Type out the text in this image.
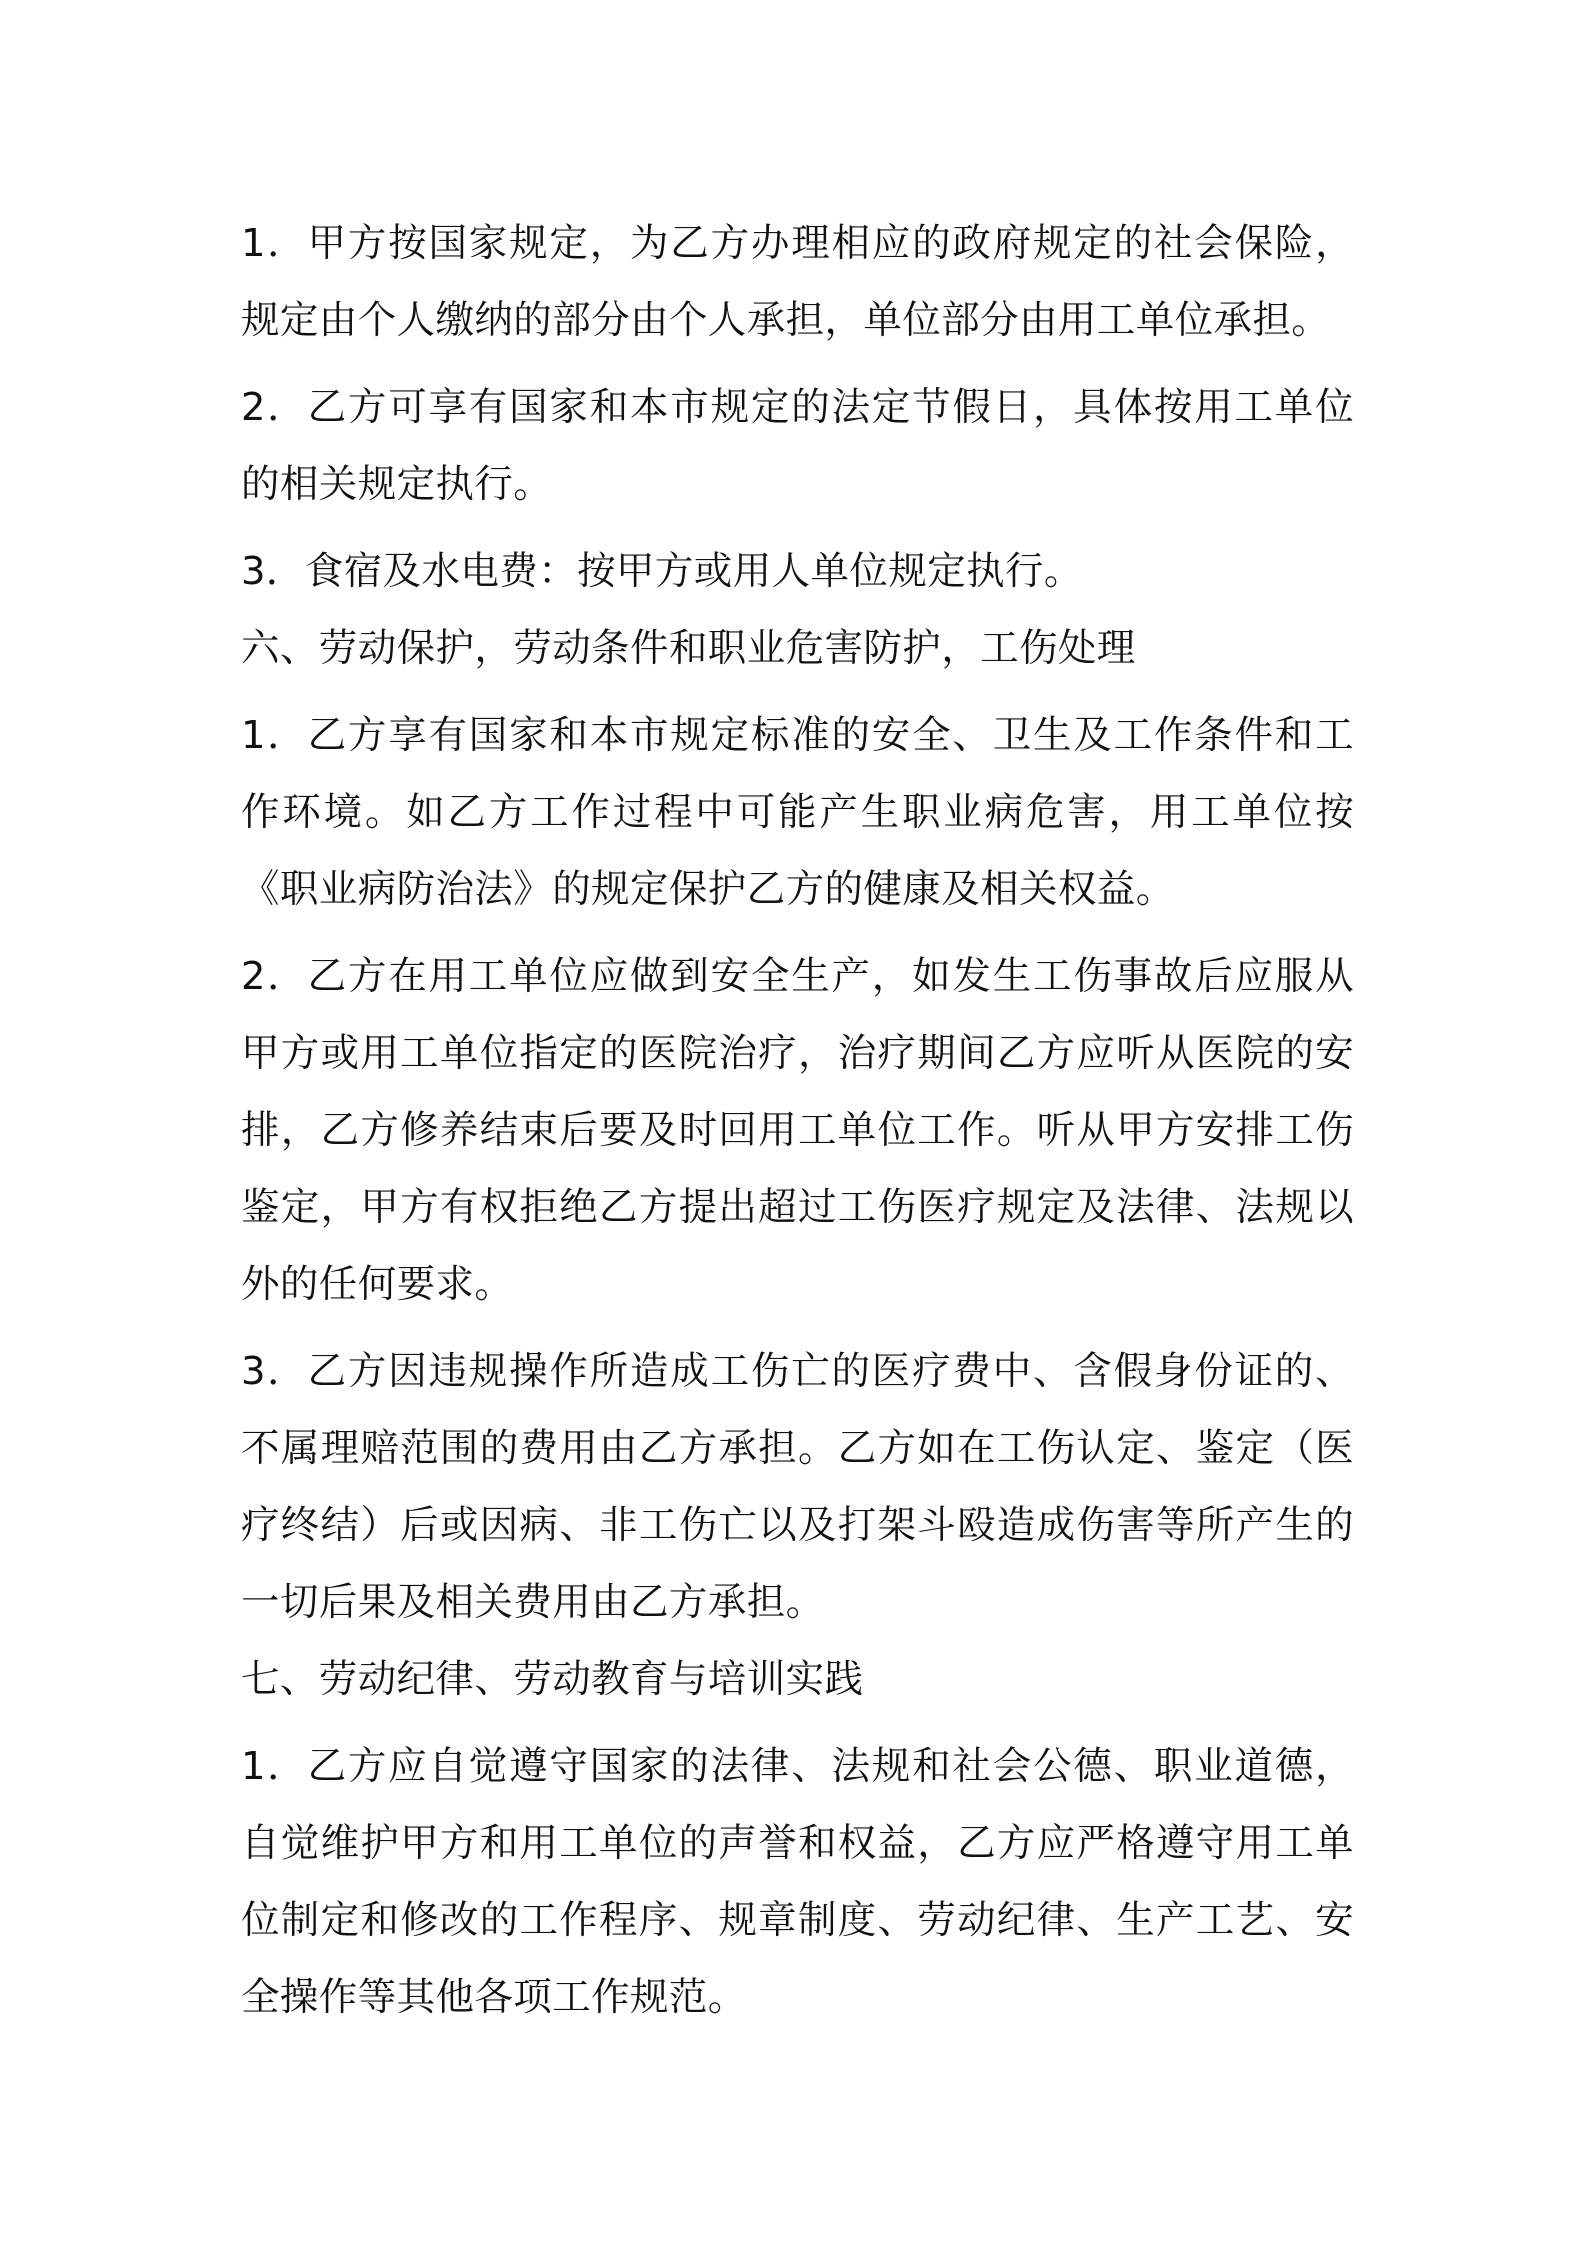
1．甲方按国家规定，为乙方办理相应的政府规定的社会保险，规定由个人缴纳的部分由个人承担，单位部分由用工单位承担。

2．乙方可享有国家和本市规定的法定节假日，具体按用工单位的相关规定执行。

3．食宿及水电费：按甲方或用人单位规定执行。

六、劳动保护，劳动条件和职业危害防护，工伤处理

1．乙方享有国家和本市规定标准的安全、卫生及工作条件和工作环境。如乙方工作过程中可能产生职业病危害，用工单位按《职业病防治法》的规定保护乙方的健康及相关权益。

2．乙方在用工单位应做到安全生产，如发生工伤事故后应服从甲方或用工单位指定的医院治疗，治疗期间乙方应听从医院的安排，乙方修养结束后要及时回用工单位工作。听从甲方安排工伤鉴定，甲方有权拒绝乙方提出超过工伤医疗规定及法律、法规以外的任何要求。

3．乙方因违规操作所造成工伤亡的医疗费中、含假身份证的、不属理赔范围的费用由乙方承担。乙方如在工伤认定、鉴定（医疗终结）后或因病、非工伤亡以及打架斗殴造成伤害等所产生的一切后果及相关费用由乙方承担。

七、劳动纪律、劳动教育与培训实践

1．乙方应自觉遵守国家的法律、法规和社会公德、职业道德，自觉维护甲方和用工单位的声誉和权益，乙方应严格遵守用工单位制定和修改的工作程序、规章制度、劳动纪律、生产工艺、安全操作等其他各项工作规范。
